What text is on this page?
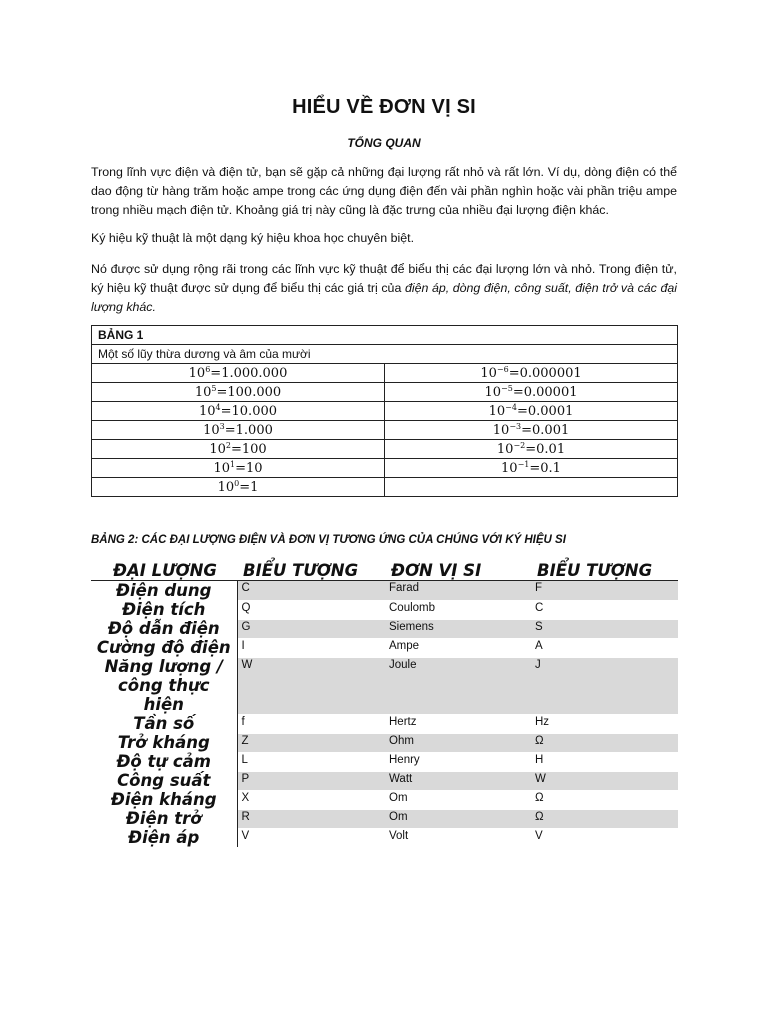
HIỂU VỀ ĐƠN VỊ SI
TỔNG QUAN

Trong lĩnh vực điện và điện tử, bạn sẽ gặp cả những đại lượng rất nhỏ và rất lớn. Ví dụ, dòng điện có thể dao động từ hàng trăm hoặc ampe trong các ứng dụng điện đến vài phần nghìn hoặc vài phần triệu ampe trong nhiều mạch điện tử. Khoảng giá trị này cũng là đặc trưng của nhiều đại lượng điện khác.

Ký hiệu kỹ thuật là một dạng ký hiệu khoa học chuyên biệt.

Nó được sử dụng rộng rãi trong các lĩnh vực kỹ thuật để biểu thị các đại lượng lớn và nhỏ. Trong điện tử, ký hiệu kỹ thuật được sử dụng để biểu thị các giá trị của điện áp, dòng điện, công suất, điện trở và các đại lượng khác.

BẢNG 1	
Một số lũy thừa dương và âm của mười	
$10^6=1.000.000$	$10^{-6}=0.000001$
$10^5=100.000$	$10^{-5}=0.00001$
$10^4=10.000$	$10^{-4}=0.0001$
$10^3=1.000$	$10^{-3}=0.001$
$10^2=100$	$10^{-2}=0.01$
$10^1=10$	$10^{-1}=0.1$
$10^0=1$	
BẢNG 2: CÁC ĐẠI LƯỢNG ĐIỆN VÀ ĐƠN VỊ TƯƠNG ỨNG CỦA CHÚNG VỚI KÝ HIỆU SI
ĐẠI LƯỢNG	BIỂU TƯỢNG	ĐƠN VỊ SI	BIỂU TƯỢNG
Điện dung	C	Farad	F
Điện tích	Q	Coulomb	C
Độ dẫn điện	G	Siemens	S
Cường độ điện	I	Ampe	A
Năng lượng / công thực hiện	W	Joule	J
Tần số	f	Hertz	Hz
Trở kháng	Z	Ohm	Ω
Độ tự cảm	L	Henry	H
Công suất	P	Watt	W
Điện kháng	X	Om	Ω
Điện trở	R	Om	Ω
Điện áp	V	Volt	V
